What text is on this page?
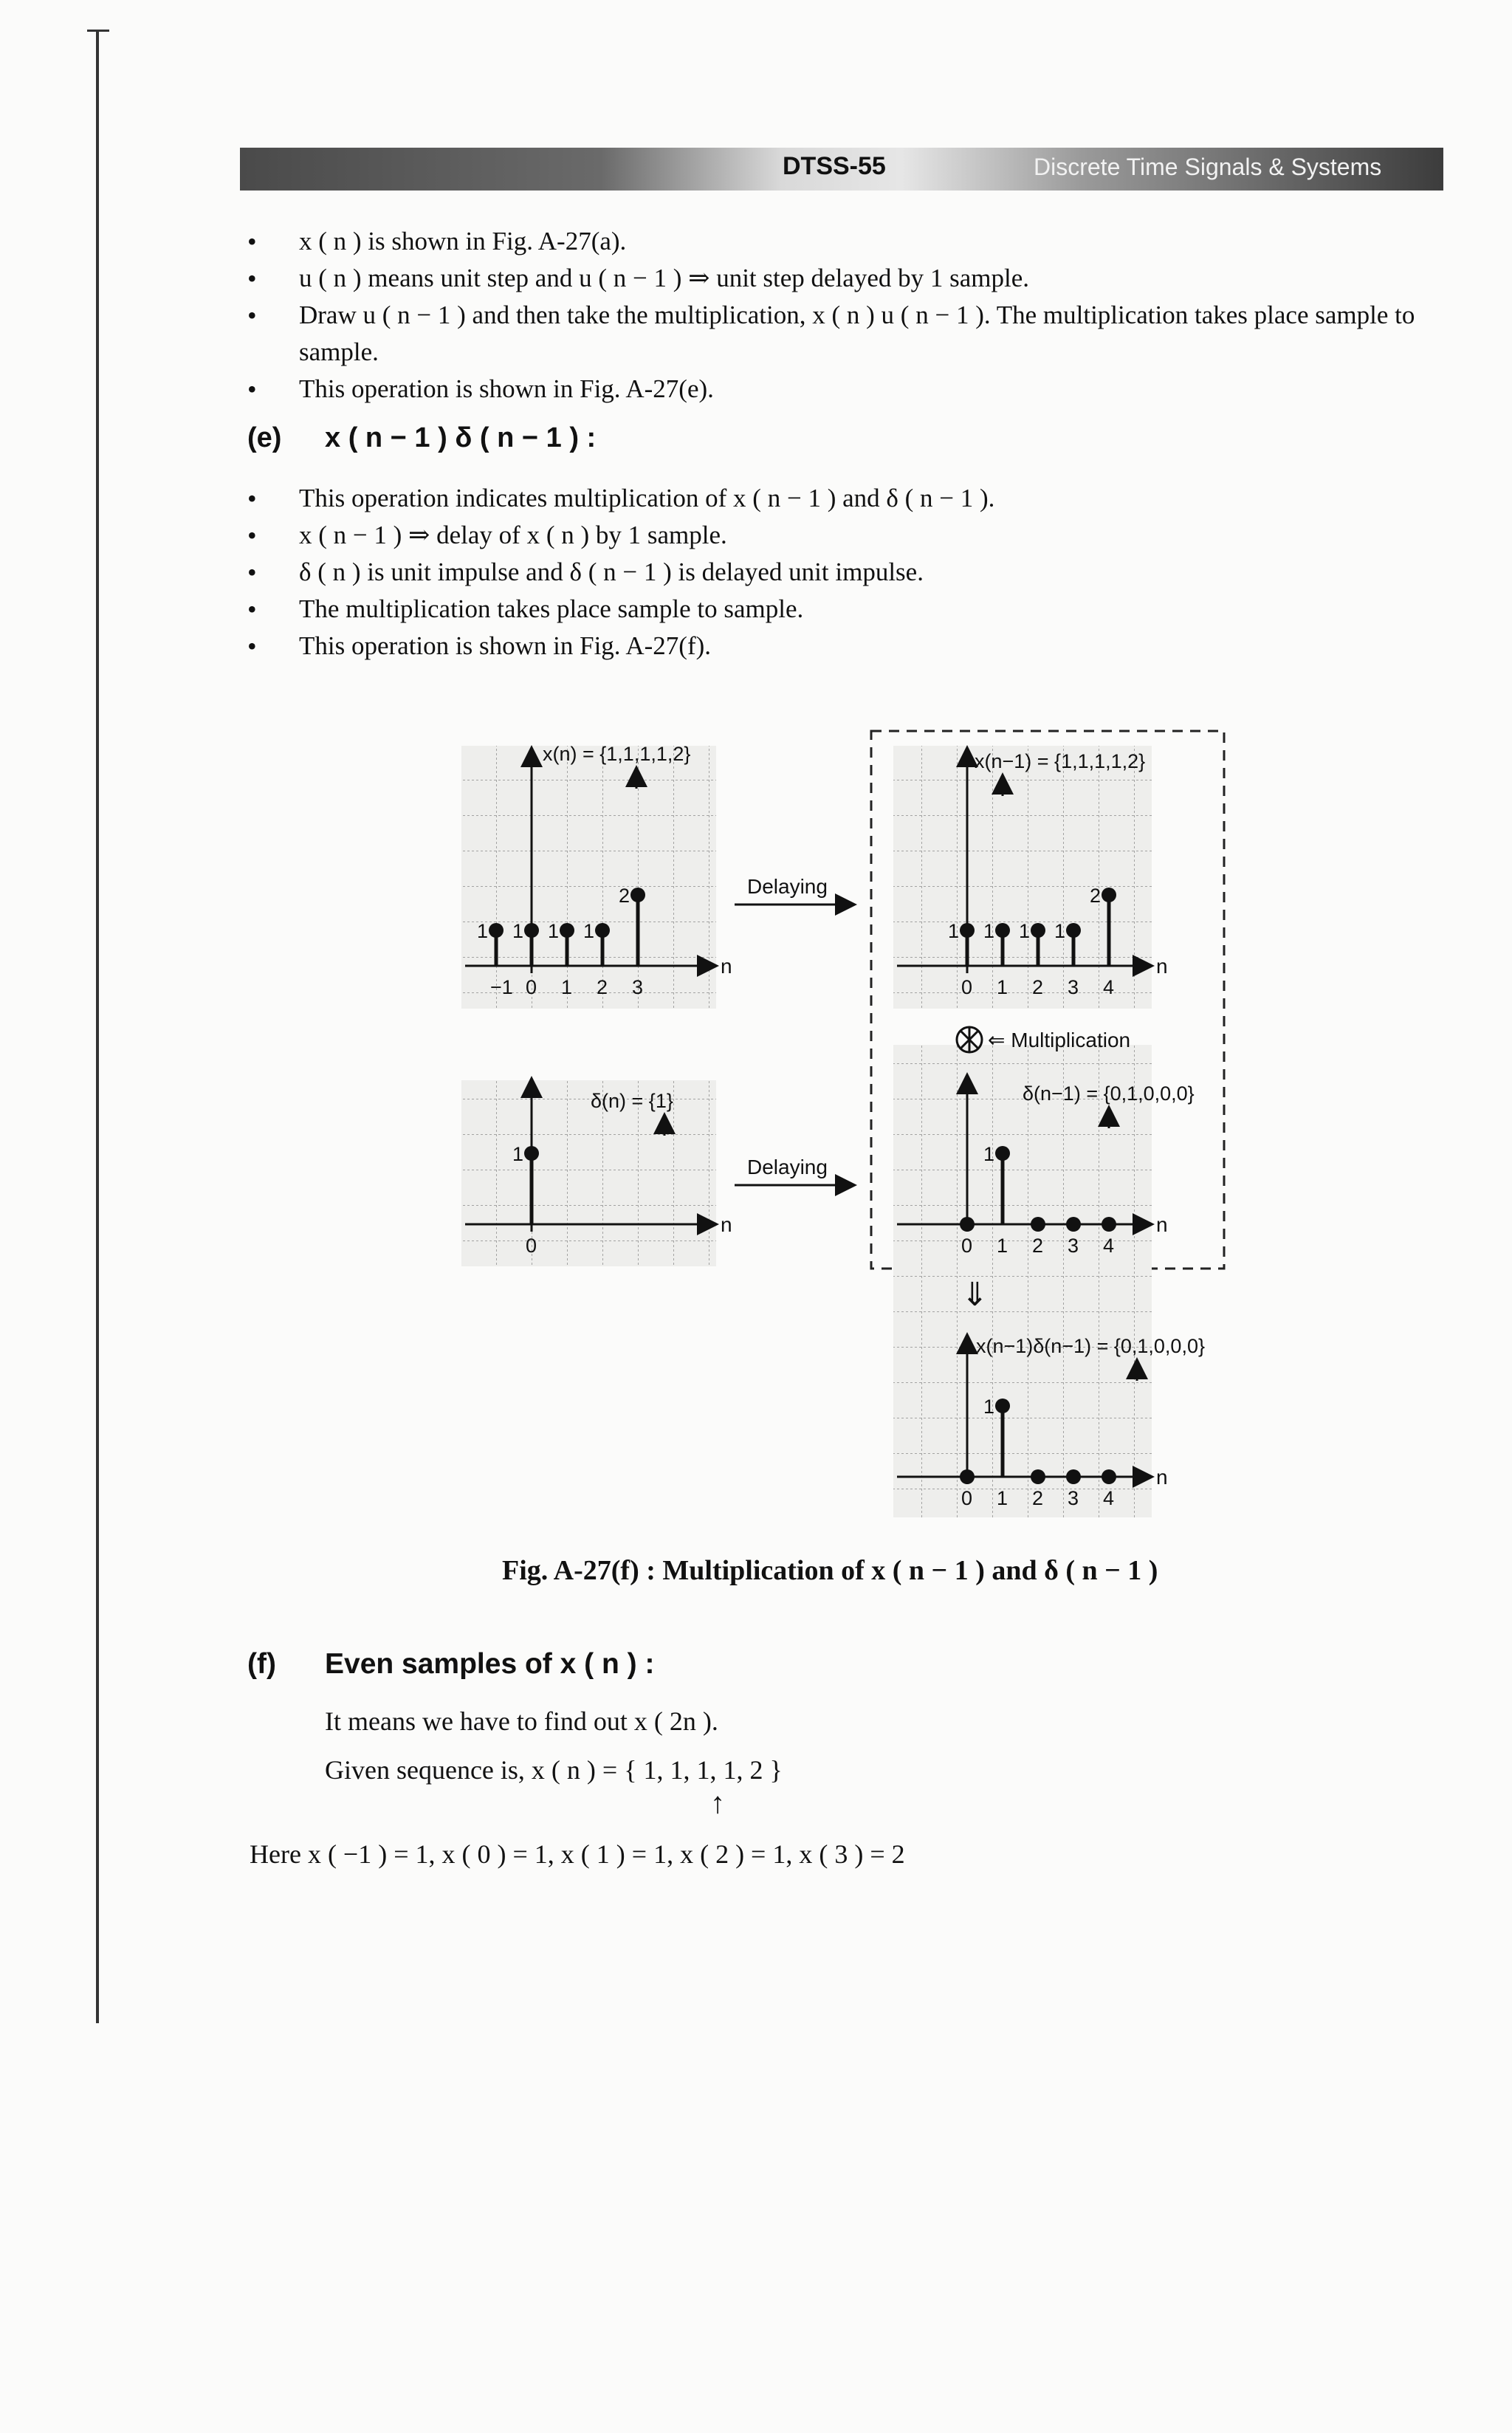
DTSS-55	Discrete Time Signals & Systems
• x ( n ) is shown in Fig. A-27(a).
• u ( n ) means unit step and u ( n − 1 ) ⇒ unit step delayed by 1 sample.
• Draw u ( n − 1 ) and then take the multiplication, x ( n ) u ( n − 1 ). The multiplication takes place sample to sample.
• This operation is shown in Fig. A-27(e).
(e) x ( n − 1 ) δ ( n − 1 ) :
• This operation indicates multiplication of x ( n − 1 ) and δ ( n − 1 ).
• x ( n − 1 ) ⇒ delay of x ( n ) by 1 sample.
• δ ( n ) is unit impulse and δ ( n − 1 ) is delayed unit impulse.
• The multiplication takes place sample to sample.
• This operation is shown in Fig. A-27(f).
n
x(n) = {1,1,1,1,2}
−1 0 1 2 3
1 1 1 1
2
n
δ(n) = {1}
0
1
n
x(n−1) = {1,1,1,1,2}
0 1 2 3 4
1 1 1 1
2
n
δ(n−1) = {0,1,0,0,0}
0 1 2 3 4
1
n
x(n−1)δ(n−1) = {0,1,0,0,0}
0 1 2 3 4
1
Delaying
Delaying
⇐ Multiplication
⇓
Fig. A-27(f) : Multiplication of x ( n − 1 ) and δ ( n − 1 )
(f) Even samples of x ( n ) :
It means we have to find out x ( 2n ).
Given sequence is, x ( n ) = { 1, 1, 1, 1, 2 }
↑
Here x ( −1 ) = 1, x ( 0 ) = 1, x ( 1 ) = 1, x ( 2 ) = 1, x ( 3 ) = 2
